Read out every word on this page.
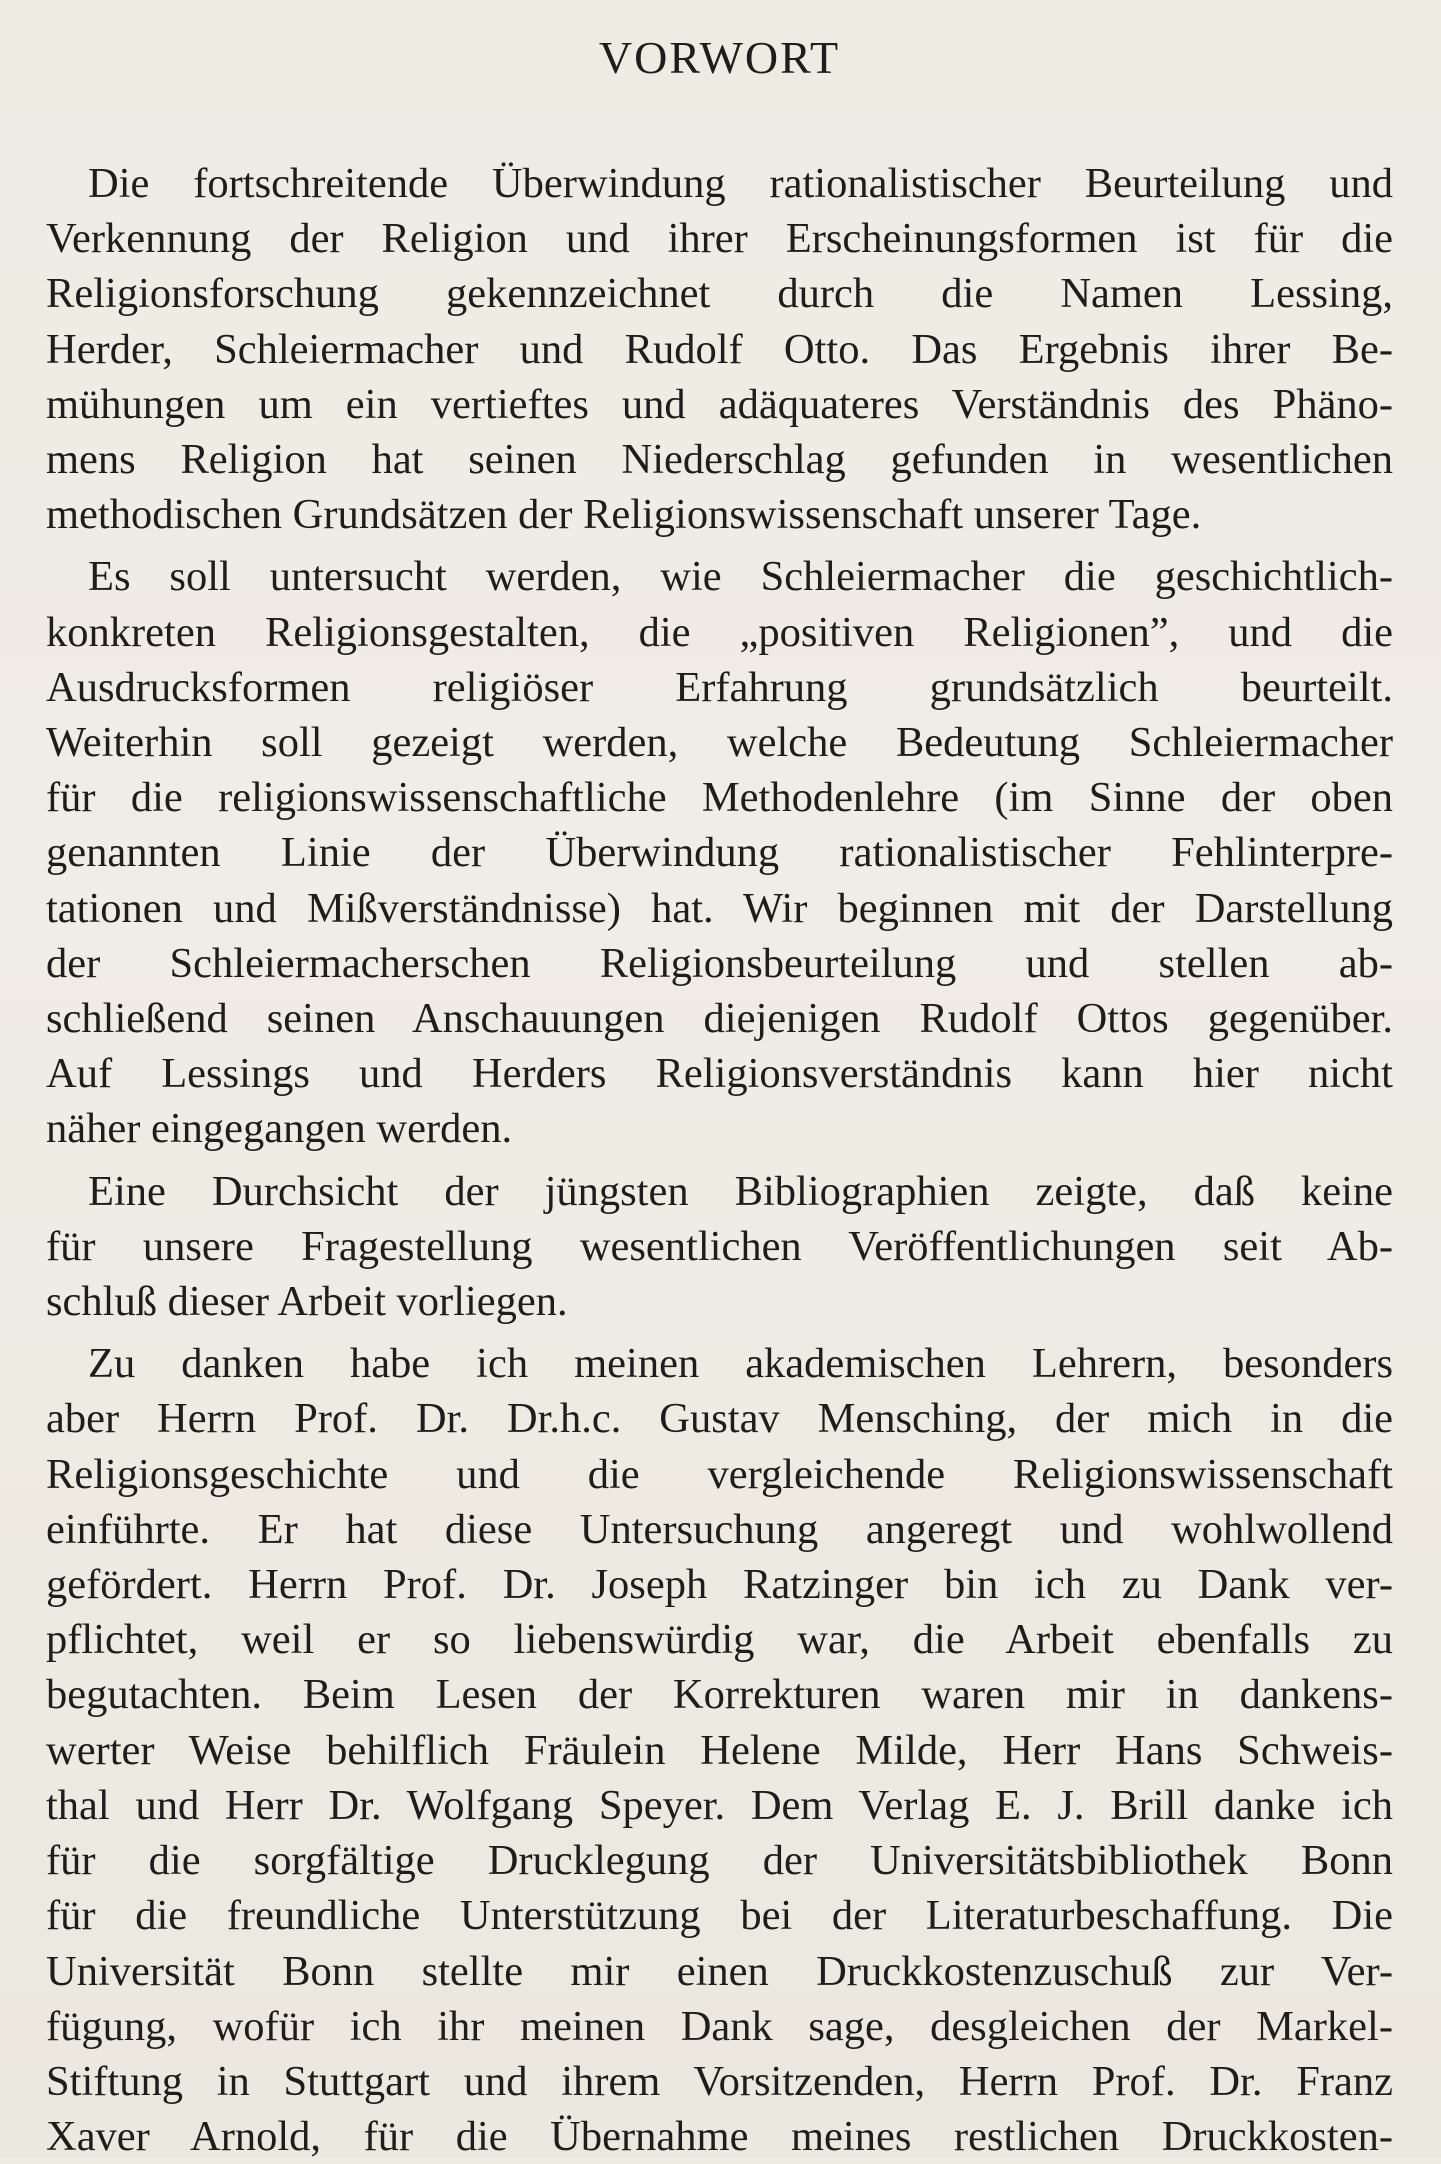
VORWORT
Die fortschreitende Überwindung rationalistischer Beurteilung und
Verkennung der Religion und ihrer Erscheinungsformen ist für die
Religionsforschung gekennzeichnet durch die Namen Lessing,
Herder, Schleiermacher und Rudolf Otto. Das Ergebnis ihrer Be-
mühungen um ein vertieftes und adäquateres Verständnis des Phäno-
mens Religion hat seinen Niederschlag gefunden in wesentlichen
methodischen Grundsätzen der Religionswissenschaft unserer Tage.
Es soll untersucht werden, wie Schleiermacher die geschichtlich-
konkreten Religionsgestalten, die „positiven Religionen”, und die
Ausdrucksformen religiöser Erfahrung grundsätzlich beurteilt.
Weiterhin soll gezeigt werden, welche Bedeutung Schleiermacher
für die religionswissenschaftliche Methodenlehre (im Sinne der oben
genannten Linie der Überwindung rationalistischer Fehlinterpre-
tationen und Mißverständnisse) hat. Wir beginnen mit der Darstellung
der Schleiermacherschen Religionsbeurteilung und stellen ab-
schließend seinen Anschauungen diejenigen Rudolf Ottos gegenüber.
Auf Lessings und Herders Religionsverständnis kann hier nicht
näher eingegangen werden.
Eine Durchsicht der jüngsten Bibliographien zeigte, daß keine
für unsere Fragestellung wesentlichen Veröffentlichungen seit Ab-
schluß dieser Arbeit vorliegen.
Zu danken habe ich meinen akademischen Lehrern, besonders
aber Herrn Prof. Dr. Dr.h.c. Gustav Mensching, der mich in die
Religionsgeschichte und die vergleichende Religionswissenschaft
einführte. Er hat diese Untersuchung angeregt und wohlwollend
gefördert. Herrn Prof. Dr. Joseph Ratzinger bin ich zu Dank ver-
pflichtet, weil er so liebenswürdig war, die Arbeit ebenfalls zu
begutachten. Beim Lesen der Korrekturen waren mir in dankens-
werter Weise behilflich Fräulein Helene Milde, Herr Hans Schweis-
thal und Herr Dr. Wolfgang Speyer. Dem Verlag E. J. Brill danke ich
für die sorgfältige Drucklegung der Universitätsbibliothek Bonn
für die freundliche Unterstützung bei der Literaturbeschaffung. Die
Universität Bonn stellte mir einen Druckkostenzuschuß zur Ver-
fügung, wofür ich ihr meinen Dank sage, desgleichen der Markel-
Stiftung in Stuttgart und ihrem Vorsitzenden, Herrn Prof. Dr. Franz
Xaver Arnold, für die Übernahme meines restlichen Druckkosten-
